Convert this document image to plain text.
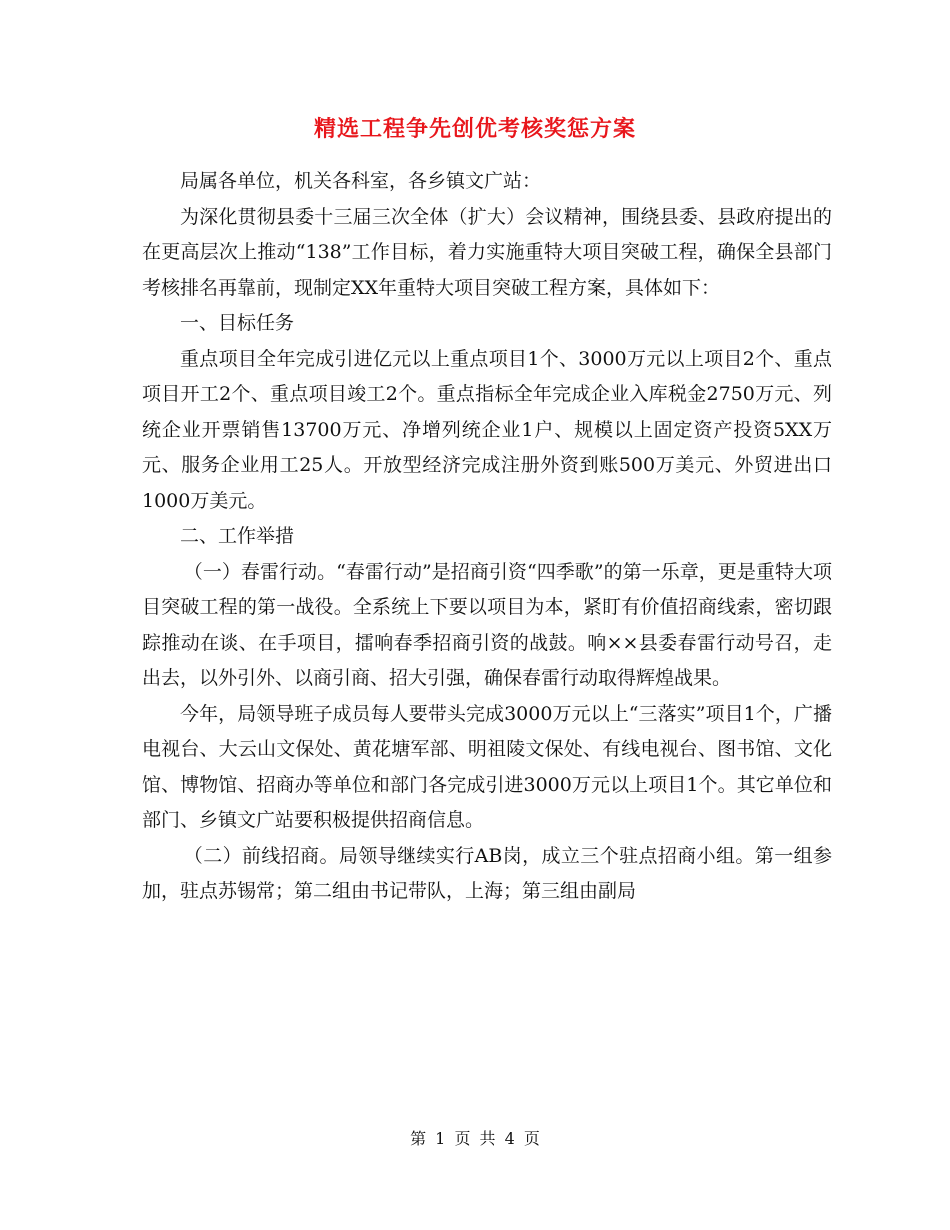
精选工程争先创优考核奖惩方案

局属各单位，机关各科室，各乡镇文广站：

为深化贯彻县委十三届三次全体（扩大）会议精神，围绕县委、县政府提出的在更高层次上推动“138”工作目标，着力实施重特大项目突破工程，确保全县部门考核排名再靠前，现制定XX年重特大项目突破工程方案，具体如下：

一、目标任务

重点项目全年完成引进亿元以上重点项目1个、3000万元以上项目2个、重点项目开工2个、重点项目竣工2个。重点指标全年完成企业入库税金2750万元、列统企业开票销售13700万元、净增列统企业1户、规模以上固定资产投资5XX万元、服务企业用工25人。开放型经济完成注册外资到账500万美元、外贸进出口1000万美元。

二、工作举措

（一）春雷行动。“春雷行动”是招商引资“四季歌”的第一乐章，更是重特大项目突破工程的第一战役。全系统上下要以项目为本，紧盯有价值招商线索，密切跟踪推动在谈、在手项目，擂响春季招商引资的战鼓。响××县委春雷行动号召，走出去，以外引外、以商引商、招大引强，确保春雷行动取得辉煌战果。

今年，局领导班子成员每人要带头完成3000万元以上“三落实”项目1个，广播电视台、大云山文保处、黄花塘军部、明祖陵文保处、有线电视台、图书馆、文化馆、博物馆、招商办等单位和部门各完成引进3000万元以上项目1个。其它单位和部门、乡镇文广站要积极提供招商信息。

（二）前线招商。局领导继续实行AB岗，成立三个驻点招商小组。第一组参加，驻点苏锡常；第二组由书记带队，上海；第三组由副局

第 1 页 共 4 页
